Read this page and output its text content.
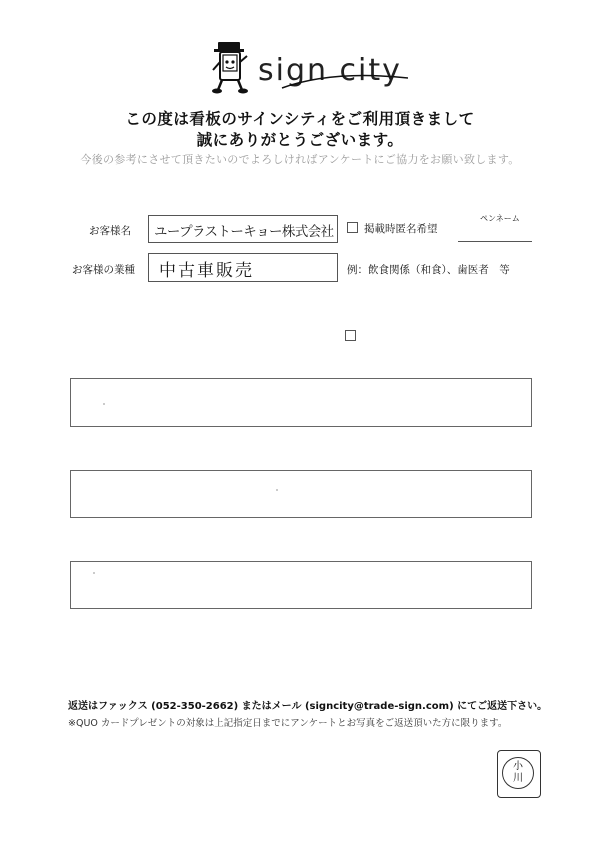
sign city
この度は看板のサインシティをご利用頂きまして
誠にありがとうございます。
今後の参考にさせて頂きたいのでよろしければアンケートにご協力をお願い致します。
お客様名 ユープラストーキョー株式会社	掲載時匿名希望
ペンネーム
お客様の業種 中古車販売	例：飲食関係（和食）、歯医者　等
返送はファックス (052-350-2662) またはメール (signcity@trade-sign.com) にてご返送下さい。
※QUO カードプレゼントの対象は上記指定日までにアンケートとお写真をご返送頂いた方に限ります。
小
川
